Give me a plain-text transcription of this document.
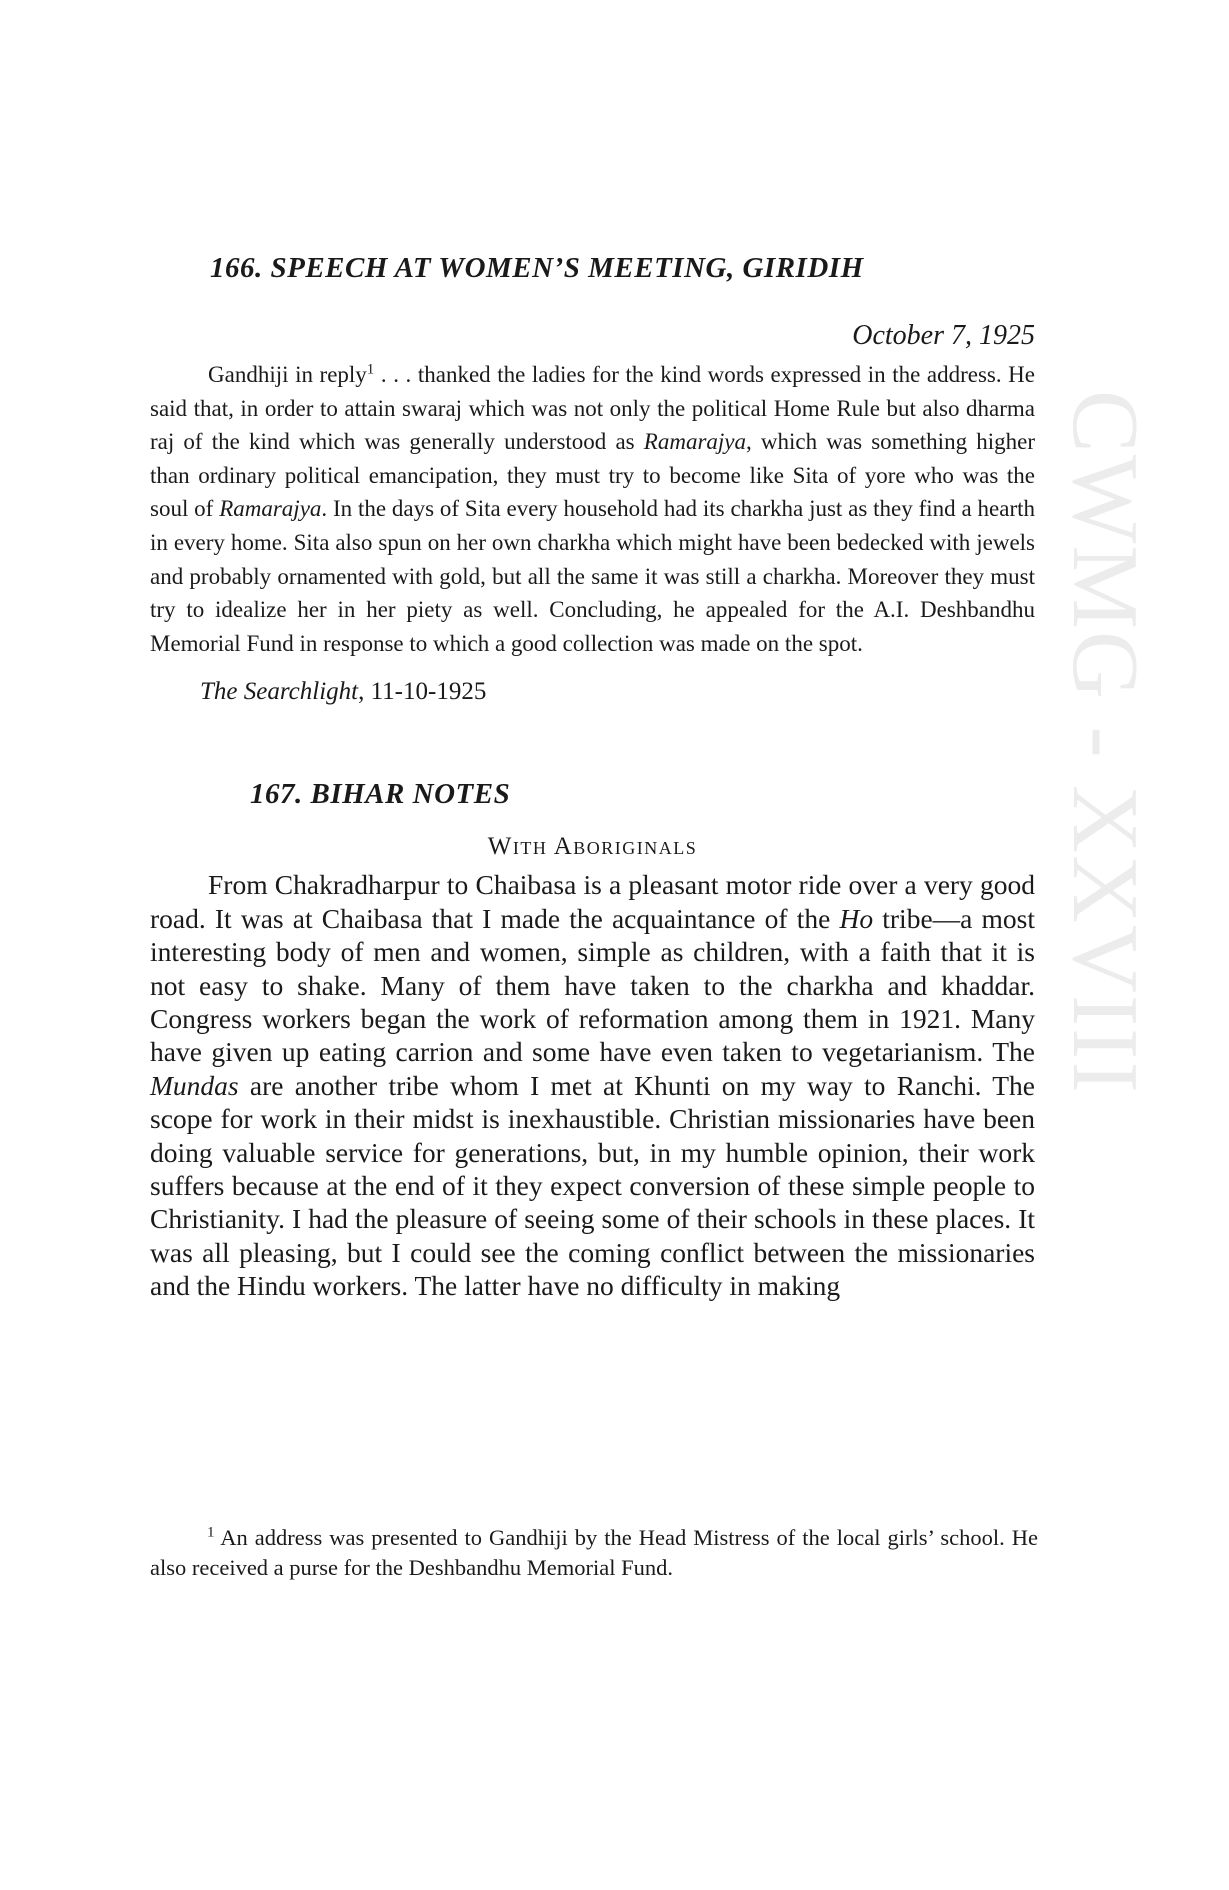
CWMG - XXVIII
166. SPEECH AT WOMEN’S MEETING, GIRIDIH
October 7, 1925

Gandhiji in reply$^1$ . . . thanked the ladies for the kind words expressed in the address. He said that, in order to attain swaraj which was not only the political Home Rule but also dharma raj of the kind which was generally understood as Ramarajya, which was something higher than ordinary political emancipation, they must try to become like Sita of yore who was the soul of Ramarajya. In the days of Sita every household had its charkha just as they find a hearth in every home. Sita also spun on her own charkha which might have been bedecked with jewels and probably ornamented with gold, but all the same it was still a charkha. Moreover they must try to idealize her in her piety as well. Concluding, he appealed for the A.I. Deshbandhu Memorial Fund in response to which a good collection was made on the spot.

The Searchlight, 11-10-1925
167. BIHAR NOTES
With Aboriginals

From Chakradharpur to Chaibasa is a pleasant motor ride over a very good road. It was at Chaibasa that I made the acquaintance of the Ho tribe—a most interesting body of men and women, simple as children, with a faith that it is not easy to shake. Many of them have taken to the charkha and khaddar. Congress workers began the work of reformation among them in 1921. Many have given up eating carrion and some have even taken to vegetarianism. The Mundas are another tribe whom I met at Khunti on my way to Ranchi. The scope for work in their midst is inexhaustible. Christian missionaries have been doing valuable service for generations, but, in my humble opinion, their work suffers because at the end of it they expect conversion of these simple people to Christianity. I had the pleasure of seeing some of their schools in these places. It was all pleasing, but I could see the coming conflict between the missionaries and the Hindu workers. The latter have no difficulty in making

$^1$ An address was presented to Gandhiji by the Head Mistress of the local girls’ school. He also received a purse for the Deshbandhu Memorial Fund.
